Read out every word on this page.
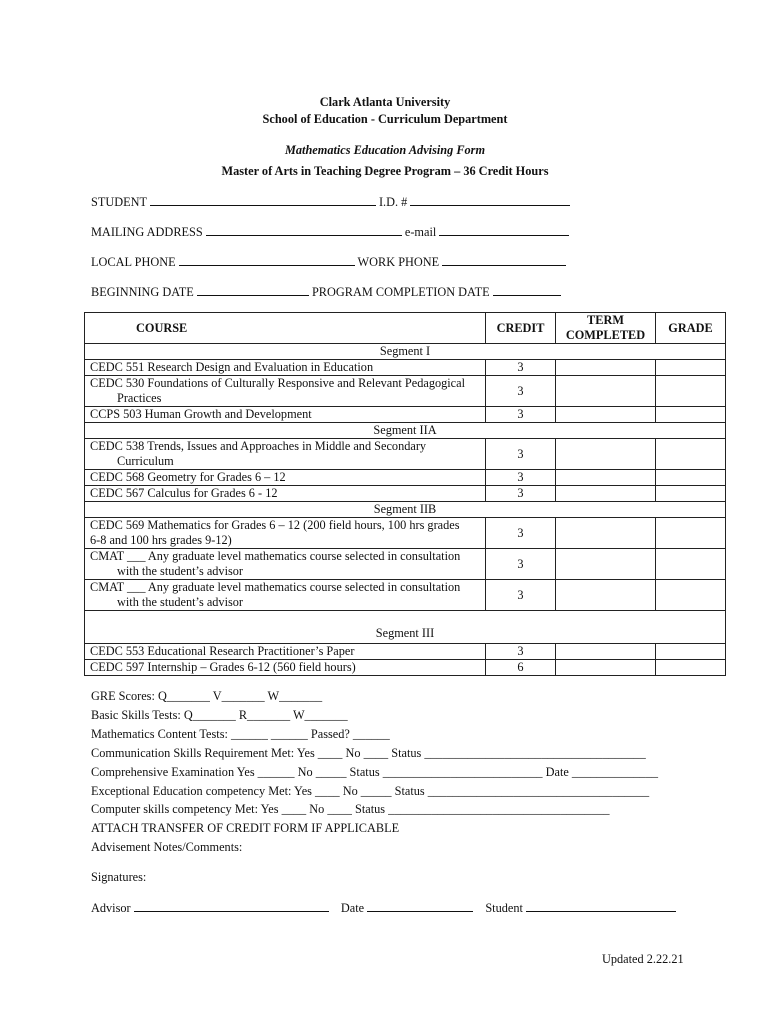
Clark Atlanta University
School of Education - Curriculum Department
Mathematics Education Advising Form
Master of Arts in Teaching Degree Program – 36 Credit Hours
STUDENT	I.D. #
MAILING ADDRESS	e-mail
LOCAL PHONE	WORK PHONE
BEGINNING DATE	PROGRAM COMPLETION DATE
COURSE	CREDIT	TERM COMPLETED	GRADE
Segment I			
CEDC 551 Research Design and Evaluation in Education	3		
CEDC 530 Foundations of Culturally Responsive and Relevant Pedagogical
Practices	3		
CCPS 503 Human Growth and Development	3		
Segment IIA			
CEDC 538 Trends, Issues and Approaches in Middle and Secondary
Curriculum	3		
CEDC 568 Geometry for Grades 6 – 12	3		
CEDC 567 Calculus for Grades 6 - 12	3		
Segment IIB			
CEDC 569 Mathematics for Grades 6 – 12 (200 field hours, 100 hrs grades
6-8 and 100 hrs grades 9-12)	3		
CMAT ___ Any graduate level mathematics course selected in consultation
with the student’s advisor	3		
CMAT ___ Any graduate level mathematics course selected in consultation
with the student’s advisor	3		
Segment III			
CEDC 553 Educational Research Practitioner’s Paper	3		
CEDC 597 Internship – Grades 6-12 (560 field hours)	6		
GRE Scores: Q_______ V_______ W_______
Basic Skills Tests: Q_______ R_______ W_______
Mathematics Content Tests: ______ ______ Passed? ______
Communication Skills Requirement Met: Yes ____ No ____ Status ____________________________________
Comprehensive Examination Yes ______ No _____ Status __________________________ Date ______________
Exceptional Education competency Met: Yes ____ No _____ Status ____________________________________
Computer skills competency Met: Yes ____ No ____ Status ____________________________________
ATTACH TRANSFER OF CREDIT FORM IF APPLICABLE
Advisement Notes/Comments:
Signatures:
Advisor	Date	Student
Updated 2.22.21
